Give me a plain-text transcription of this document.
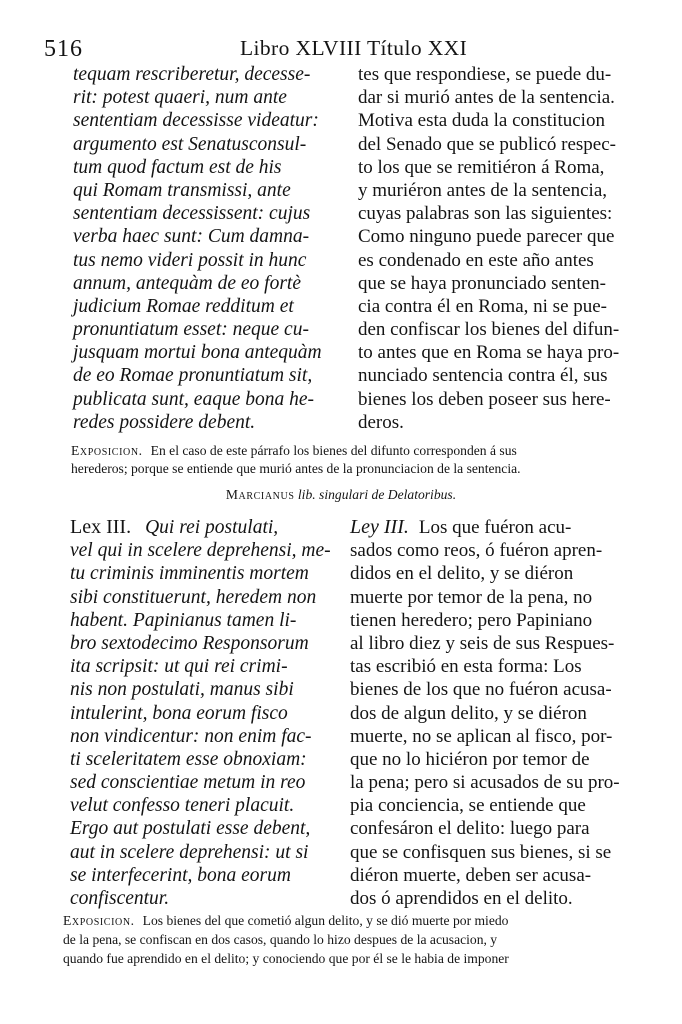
516	Libro XLVIII Título XXI
tequam rescriberetur, decesse-
rit: potest quaeri, num ante
sententiam decessisse videatur:
argumento est Senatusconsul-
tum quod factum est de his
qui Romam transmissi, ante
sententiam decessissent: cujus
verba haec sunt: Cum damna-
tus nemo videri possit in hunc
annum, antequàm de eo fortè
judicium Romae redditum et
pronuntiatum esset: neque cu-
jusquam mortui bona antequàm
de eo Romae pronuntiatum sit,
publicata sunt, eaque bona he-
redes possidere debent.
tes que respondiese, se puede du-
dar si murió antes de la sentencia.
Motiva esta duda la constitucion
del Senado que se publicó respec-
to los que se remitiéron á Roma,
y muriéron antes de la sentencia,
cuyas palabras son las siguientes:
Como ninguno puede parecer que
es condenado en este año antes
que se haya pronunciado senten-
cia contra él en Roma, ni se pue-
den confiscar los bienes del difun-
to antes que en Roma se haya pro-
nunciado sentencia contra él, sus
bienes los deben poseer sus here-
deros.
Exposicion. En el caso de este párrafo los bienes del difunto corresponden á sus
herederos; porque se entiende que murió antes de la pronunciacion de la sentencia.
Marcianus lib. singulari de Delatoribus.
Lex III. Qui rei postulati,
vel qui in scelere deprehensi, me-
tu criminis imminentis mortem
sibi constituerunt, heredem non
habent. Papinianus tamen li-
bro sextodecimo Responsorum
ita scripsit: ut qui rei crimi-
nis non postulati, manus sibi
intulerint, bona eorum fisco
non vindicentur: non enim fac-
ti sceleritatem esse obnoxiam:
sed conscientiae metum in reo
velut confesso teneri placuit.
Ergo aut postulati esse debent,
aut in scelere deprehensi: ut si
se interfecerint, bona eorum
confiscentur.
Ley III. Los que fuéron acu-
sados como reos, ó fuéron apren-
didos en el delito, y se diéron
muerte por temor de la pena, no
tienen heredero; pero Papiniano
al libro diez y seis de sus Respues-
tas escribió en esta forma: Los
bienes de los que no fuéron acusa-
dos de algun delito, y se diéron
muerte, no se aplican al fisco, por-
que no lo hiciéron por temor de
la pena; pero si acusados de su pro-
pia conciencia, se entiende que
confesáron el delito: luego para
que se confisquen sus bienes, si se
diéron muerte, deben ser acusa-
dos ó aprendidos en el delito.
Exposicion. Los bienes del que cometió algun delito, y se dió muerte por miedo
de la pena, se confiscan en dos casos, quando lo hizo despues de la acusacion, y
quando fue aprendido en el delito; y conociendo que por él se le habia de imponer
